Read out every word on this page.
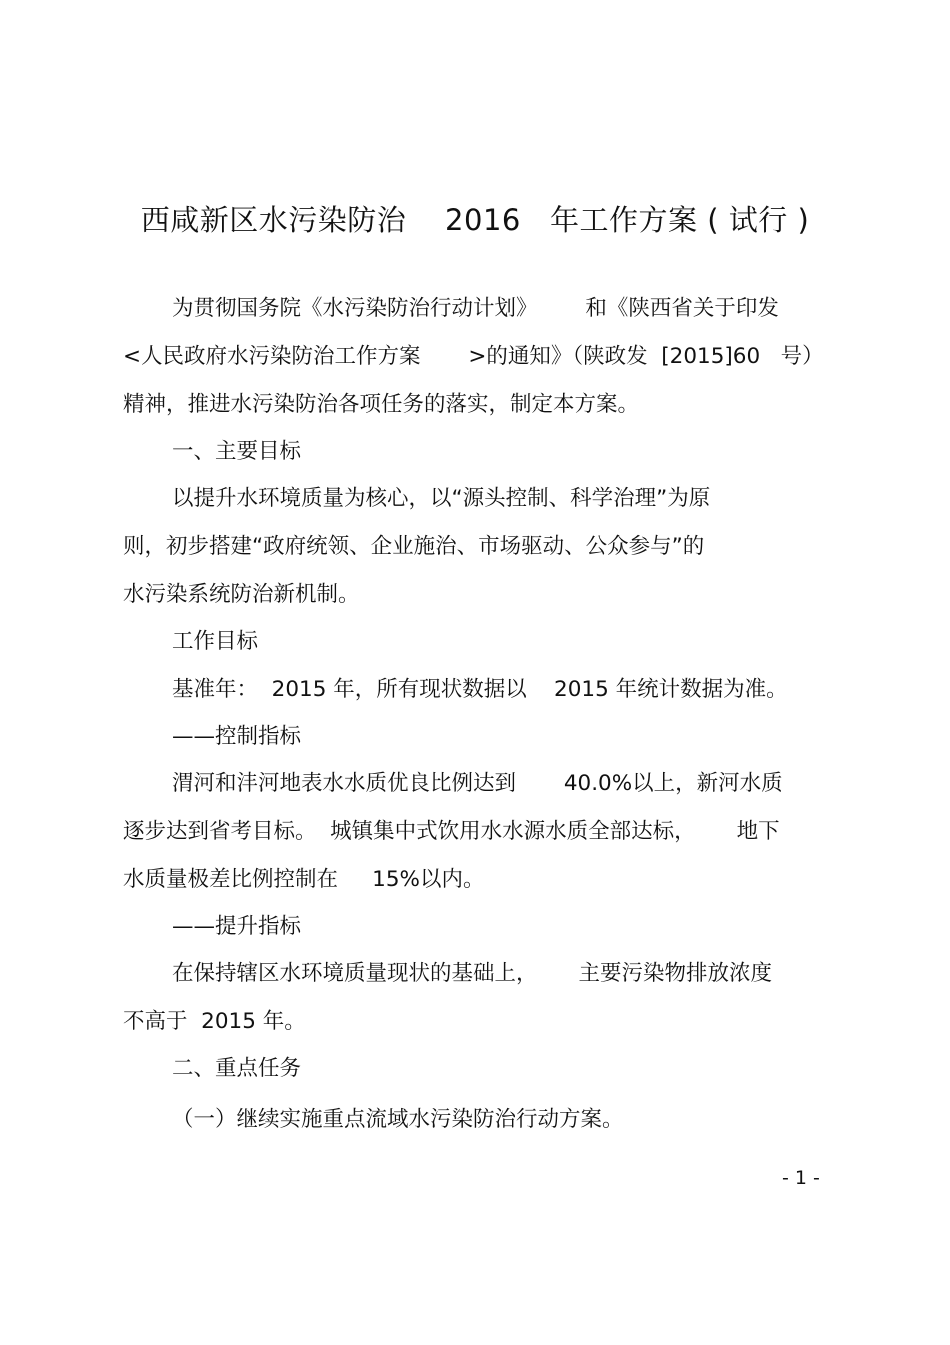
西咸新区水污染防治    2016   年工作方案 ( 试行 )
为贯彻国务院《水污染防治行动计划》       和《陕西省关于印发
<人民政府水污染防治工作方案       >的通知》（陕政发  [2015]60   号）
精神，推进水污染防治各项任务的落实，制定本方案。
一、主要目标
以提升水环境质量为核心，以“源头控制、科学治理”为原
则，初步搭建“政府统领、企业施治、市场驱动、公众参与”的
水污染系统防治新机制。
工作目标
基准年：  2015 年，所有现状数据以    2015 年统计数据为准。
——控制指标
渭河和沣河地表水水质优良比例达到       40.0%以上，新河水质
逐步达到省考目标。  城镇集中式饮用水水源水质全部达标，      地下
水质量极差比例控制在     15%以内。
——提升指标
在保持辖区水环境质量现状的基础上，      主要污染物排放浓度
不高于  2015 年。
二、重点任务
（一）继续实施重点流域水污染防治行动方案。
- 1 -
